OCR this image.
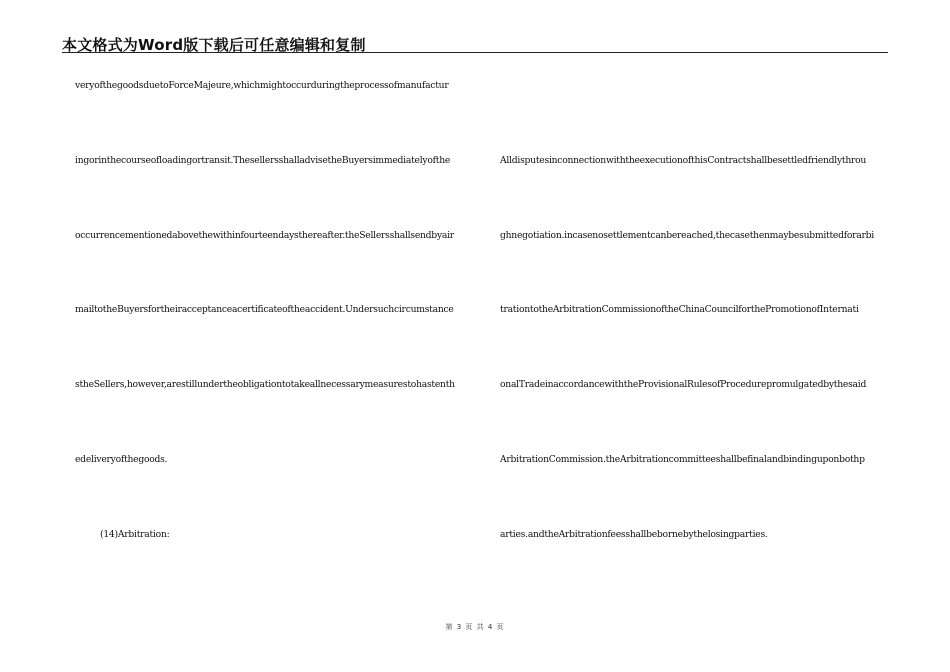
本文格式为Word版下载后可任意编辑和复制
veryofthegoodsduetoForceMajeure,whichmightoccurduringtheprocessofmanufactur
ingorinthecourseofloadingortransit.ThesellersshalladvisetheBuyersimmediatelyofthe
occurrencementionedabovethewithinfourteendaysthereafter.theSellersshallsendbyair
mailtotheBuyersfortheiracceptanceacertificateoftheaccident.Undersuchcircumstance
stheSellers,however,arestillundertheobligationtotakeallnecessarymeasurestohastenth
edeliveryofthegoods.
(14)Arbitration:
AlldisputesinconnectionwiththeexecutionofthisContractshallbesettledfriendlythrou
ghnegotiation.incasenosettlementcanbereached,thecasethenmaybesubmittedforarbi
trationtotheArbitrationCommissionoftheChinaCouncilforthePromotionofInternati
onalTradeinaccordancewiththeProvisionalRulesofProcedurepromulgatedbythesaid
ArbitrationCommission.theArbitrationcommitteeshallbefinalandbindinguponbothp
arties.andtheArbitrationfeesshallbebornebythelosingparties.
第 3 页 共 4 页
